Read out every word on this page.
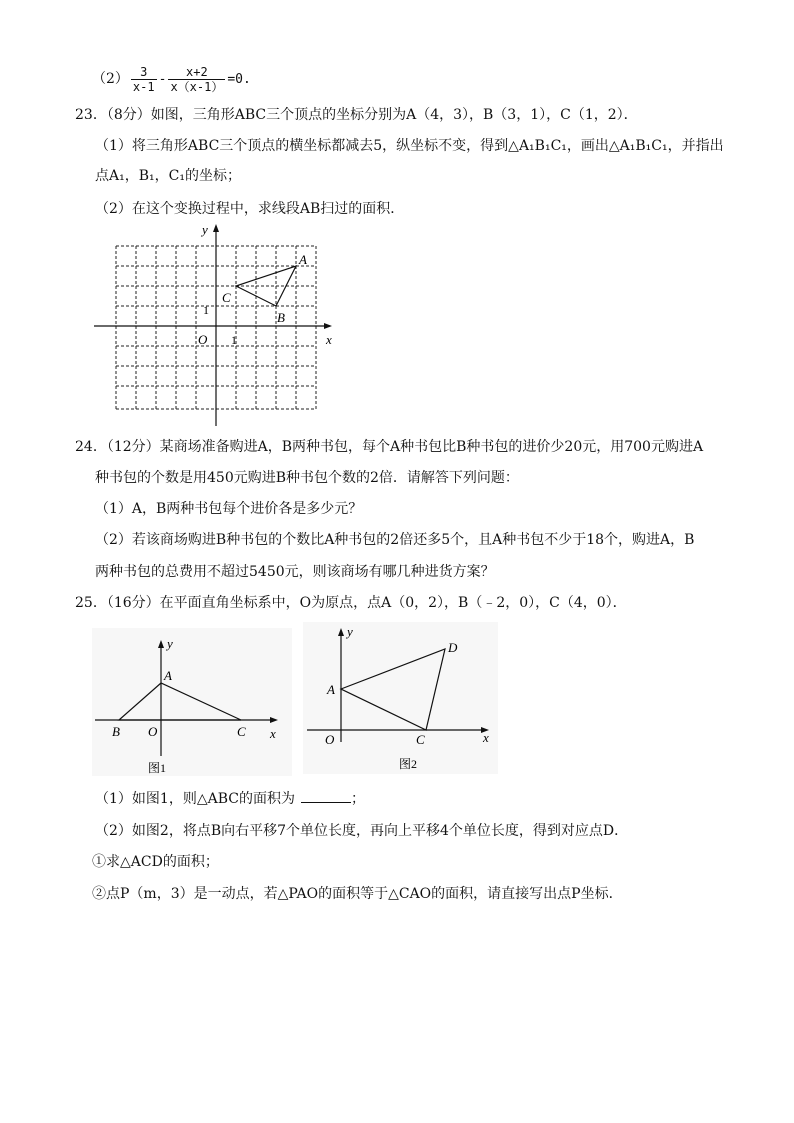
$(2) \frac{3}{x-1} - \frac{x+2}{x(x-1)} =0$.
23．（8分）如图，三角形ABC三个顶点的坐标分别为A（4，3），B（3，1），C（1，2）．
（1）将三角形ABC三个顶点的横坐标都减去5，纵坐标不变，得到△A₁B₁C₁，画出△A₁B₁C₁，并指出
点A₁，B₁，C₁的坐标；
（2）在这个变换过程中，求线段AB扫过的面积．
y
x
O 1
1
A
B
C
24．（12分）某商场准备购进A，B两种书包，每个A种书包比B种书包的进价少20元，用700元购进A
种书包的个数是用450元购进B种书包个数的2倍．请解答下列问题：
（1）A，B两种书包每个进价各是多少元？
（2）若该商场购进B种书包的个数比A种书包的2倍还多5个，且A种书包不少于18个，购进A，B
两种书包的总费用不超过5450元，则该商场有哪几种进货方案？
25．（16分）在平面直角坐标系中，O为原点，点A（0，2），B（﹣2，0），C（4，0）．
y
x
A
B O	C
图1
y
x
A
D
O	C
图2
（1）如图1，则△ABC的面积为	；
（2）如图2，将点B向右平移7个单位长度，再向上平移4个单位长度，得到对应点D．
①求△ACD的面积；
②点P（m，3）是一动点，若△PAO的面积等于△CAO的面积，请直接写出点P坐标．
